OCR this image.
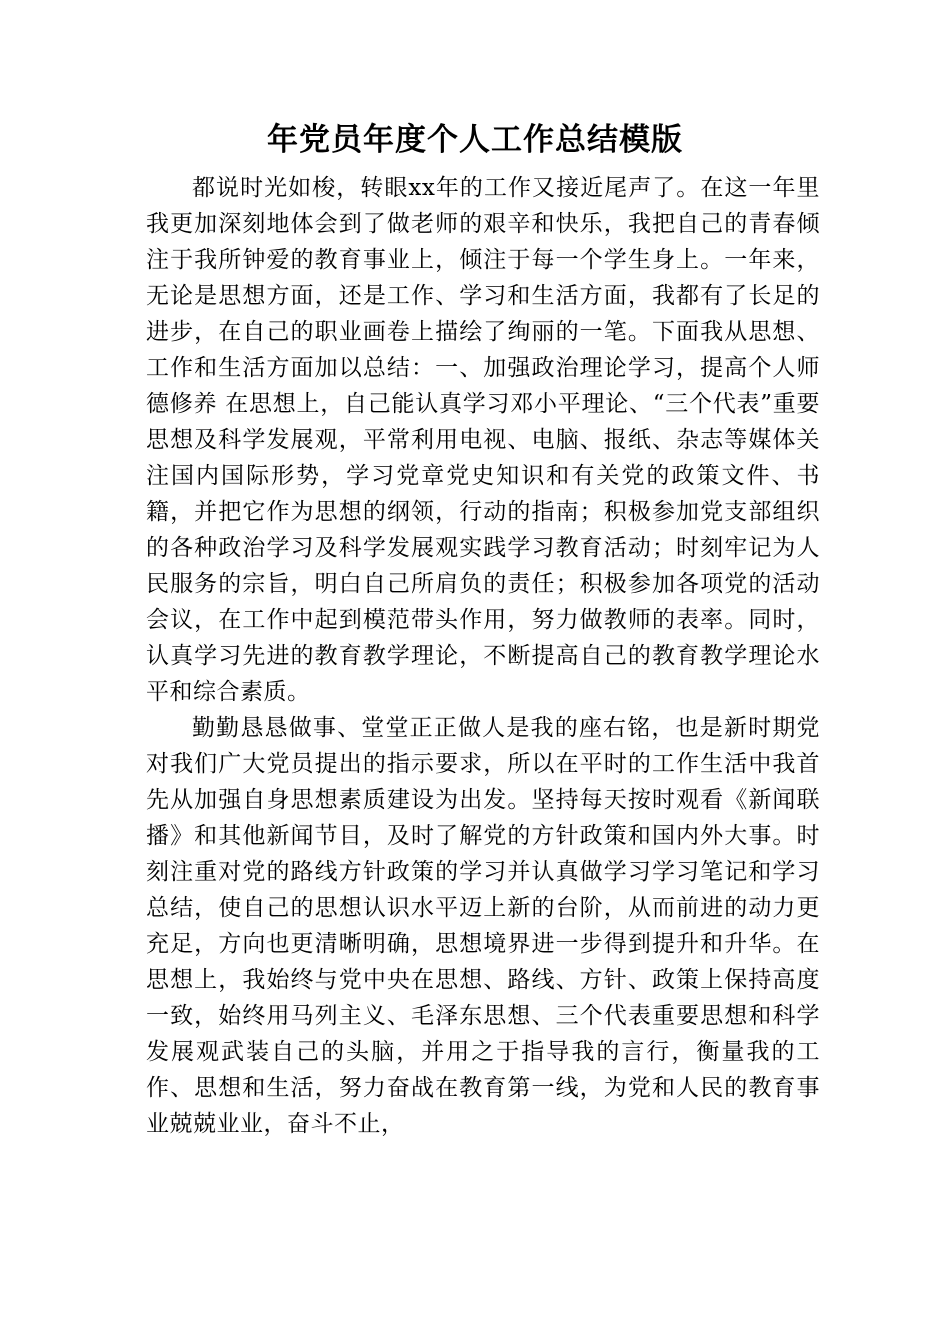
年党员年度个人工作总结模版

都说时光如梭，转眼xx年的工作又接近尾声了。在这一年里我更加深刻地体会到了做老师的艰辛和快乐，我把自己的青春倾注于我所钟爱的教育事业上，倾注于每一个学生身上。一年来，无论是思想方面，还是工作、学习和生活方面，我都有了长足的进步，在自己的职业画卷上描绘了绚丽的一笔。下面我从思想、工作和生活方面加以总结：一、加强政治理论学习，提高个人师德修养 在思想上，自己能认真学习邓小平理论、“三个代表”重要思想及科学发展观，平常利用电视、电脑、报纸、杂志等媒体关注国内国际形势，学习党章党史知识和有关党的政策文件、书籍，并把它作为思想的纲领，行动的指南；积极参加党支部组织的各种政治学习及科学发展观实践学习教育活动；时刻牢记为人民服务的宗旨，明白自己所肩负的责任；积极参加各项党的活动会议，在工作中起到模范带头作用，努力做教师的表率。同时，认真学习先进的教育教学理论，不断提高自己的教育教学理论水平和综合素质。

勤勤恳恳做事、堂堂正正做人是我的座右铭，也是新时期党对我们广大党员提出的指示要求，所以在平时的工作生活中我首先从加强自身思想素质建设为出发。坚持每天按时观看《新闻联播》和其他新闻节目，及时了解党的方针政策和国内外大事。时刻注重对党的路线方针政策的学习并认真做学习学习笔记和学习总结，使自己的思想认识水平迈上新的台阶，从而前进的动力更充足，方向也更清晰明确，思想境界进一步得到提升和升华。在思想上，我始终与党中央在思想、路线、方针、政策上保持高度一致，始终用马列主义、毛泽东思想、三个代表重要思想和科学发展观武装自己的头脑，并用之于指导我的言行，衡量我的工作、思想和生活，努力奋战在教育第一线，为党和人民的教育事业兢兢业业，奋斗不止，
